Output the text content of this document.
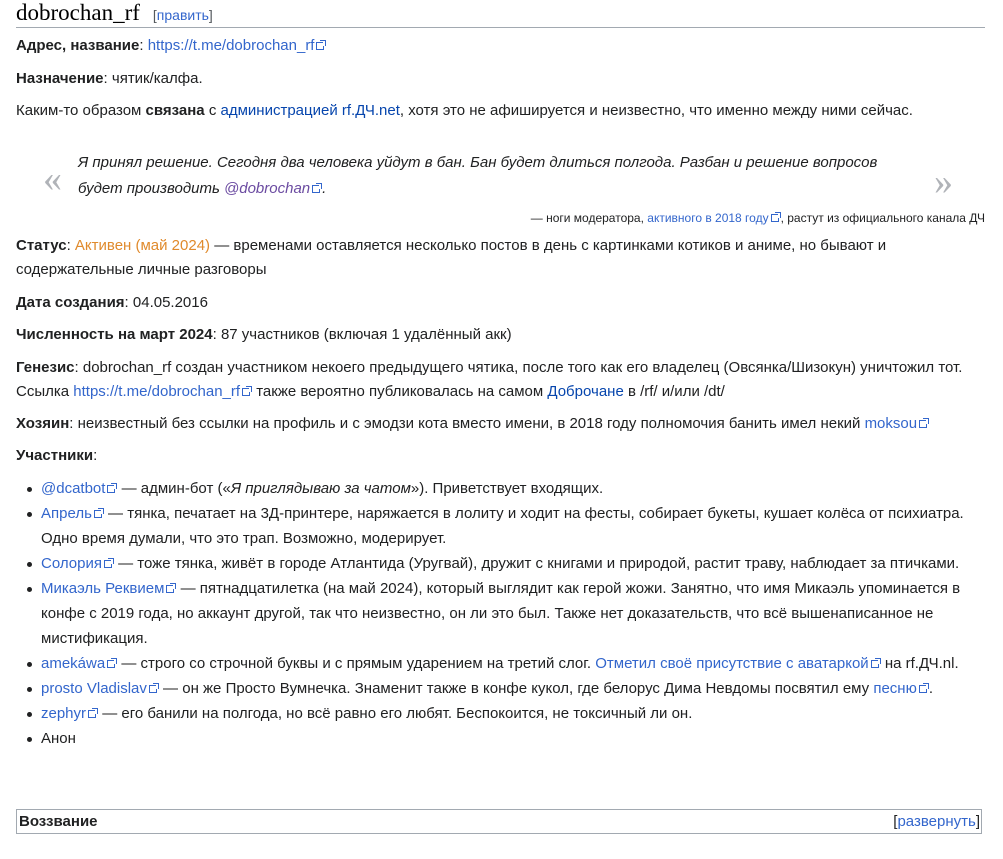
dobrochan_rf [править]

Адрес, название: https://t.me/dobrochan_rf

Назначение: чятик/калфа.

Каким-то образом связана с администрацией rf.ДЧ.net, хотя это не афишируется и неизвестно, что именно между ними сейчас.

« Я принял решение. Сегодня два человека уйдут в бан. Бан будет длиться полгода. Разбан и решение вопросов будет производить @dobrochan .	»
— ноги модератора, активного в 2018 году , растут из официального канала ДЧ

Статус: Активен (май 2024) — временами оставляется несколько постов в день с картинками котиков и аниме, но бывают и содержательные личные разговоры

Дата создания: 04.05.2016

Численность на март 2024: 87 участников (включая 1 удалённый акк)

Генезис: dobrochan_rf создан участником некоего предыдущего чятика, после того как его владелец (Овсянка/Шизокун) уничтожил тот. Ссылка https://t.me/dobrochan_rf также вероятно публиковалась на самом Доброчане в /rf/ и/или /dt/

Хозяин: неизвестный без ссылки на профиль и с эмодзи кота вместо имени, в 2018 году полномочия банить имел некий moksou

Участники:

@dcatbot — админ-бот («Я приглядываю за чатом»). Приветствует входящих.
Апрель — тянка, печатает на 3Д-принтере, наряжается в лолиту и ходит на фесты, собирает букеты, кушает колёса от психиатра. Одно время думали, что это трап. Возможно, модерирует.
Солория — тоже тянка, живёт в городе Атлантида (Уругвай), дружит с книгами и природой, растит траву, наблюдает за птичками.
Микаэль Реквием — пятнадцатилетка (на май 2024), который выглядит как герой жожи. Занятно, что имя Микаэль упоминается в конфе с 2019 года, но аккаунт другой, так что неизвестно, он ли это был. Также нет доказательств, что всё вышенаписанное не мистификация.
amekáwa — строго со строчной буквы и с прямым ударением на третий слог. Отметил своё присутствие с аватаркой на rf.ДЧ.nl.
prosto Vladislav — он же Просто Вумнечка. Знаменит также в конфе кукол, где белорус Дима Невдомы посвятил ему песню .
zephyr — его банили на полгода, но всё равно его любят. Беспокоится, не токсичный ли он.
Анон
Воззвание	[развернуть]
